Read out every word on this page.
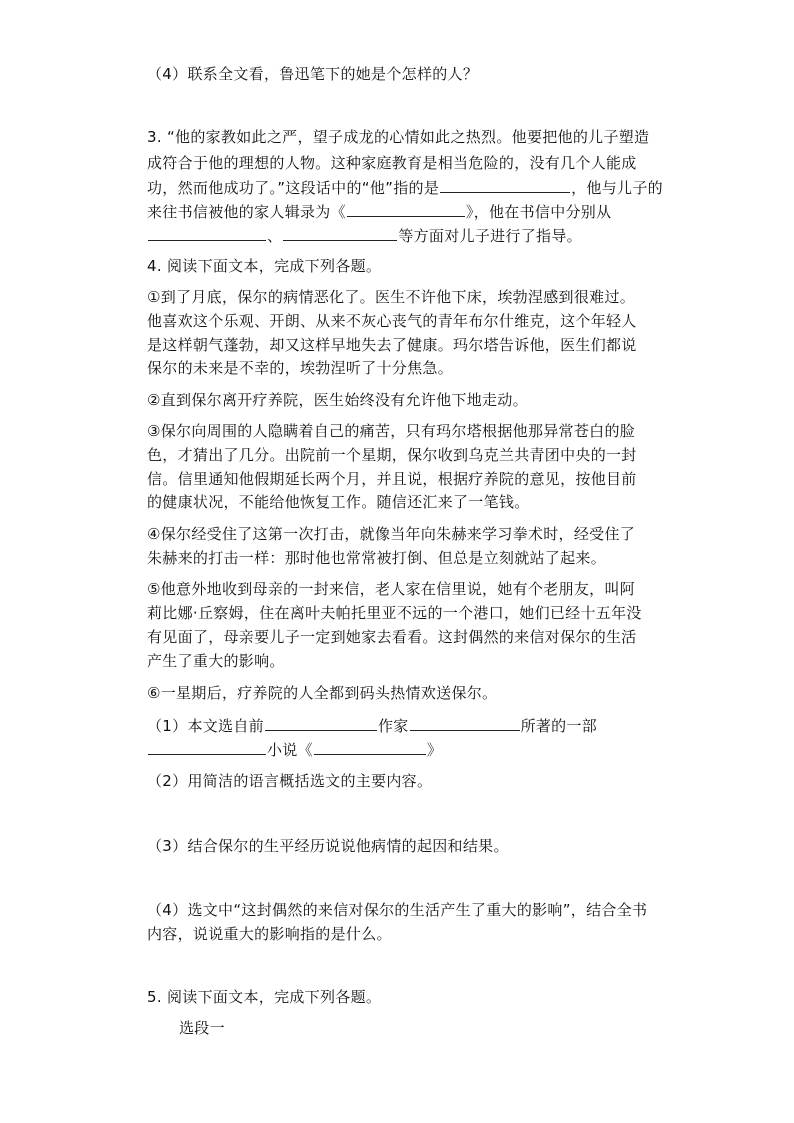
（4）联系全文看，鲁迅笔下的她是个怎样的人？
3. “他的家教如此之严，望子成龙的心情如此之热烈。他要把他的儿子塑造
成符合于他的理想的人物。这种家庭教育是相当危险的，没有几个人能成
功，然而他成功了。”这段话中的“他”指的是	，他与儿子的
来往书信被他的家人辑录为《	》，他在书信中分别从
、	等方面对儿子进行了指导。
4. 阅读下面文本，完成下列各题。
①到了月底，保尔的病情恶化了。医生不许他下床，埃勃涅感到很难过。
他喜欢这个乐观、开朗、从来不灰心丧气的青年布尔什维克，这个年轻人
是这样朝气蓬勃，却又这样早地失去了健康。玛尔塔告诉他，医生们都说
保尔的未来是不幸的，埃勃涅听了十分焦急。
②直到保尔离开疗养院，医生始终没有允许他下地走动。
③保尔向周围的人隐瞒着自己的痛苦，只有玛尔塔根据他那异常苍白的脸
色，才猜出了几分。出院前一个星期，保尔收到乌克兰共青团中央的一封
信。信里通知他假期延长两个月，并且说，根据疗养院的意见，按他目前
的健康状况，不能给他恢复工作。随信还汇来了一笔钱。
④保尔经受住了这第一次打击，就像当年向朱赫来学习拳术时，经受住了
朱赫来的打击一样：那时他也常常被打倒、但总是立刻就站了起来。
⑤他意外地收到母亲的一封来信，老人家在信里说，她有个老朋友，叫阿
莉比娜·丘察姆，住在离叶夫帕托里亚不远的一个港口，她们已经十五年没
有见面了，母亲要儿子一定到她家去看看。这封偶然的来信对保尔的生活
产生了重大的影响。
⑥一星期后，疗养院的人全都到码头热情欢送保尔。
（1）本文选自前	作家	所著的一部
小说《	》
（2）用简洁的语言概括选文的主要内容。
（3）结合保尔的生平经历说说他病情的起因和结果。
（4）选文中“这封偶然的来信对保尔的生活产生了重大的影响”，结合全书
内容，说说重大的影响指的是什么。
5. 阅读下面文本，完成下列各题。
选段一
